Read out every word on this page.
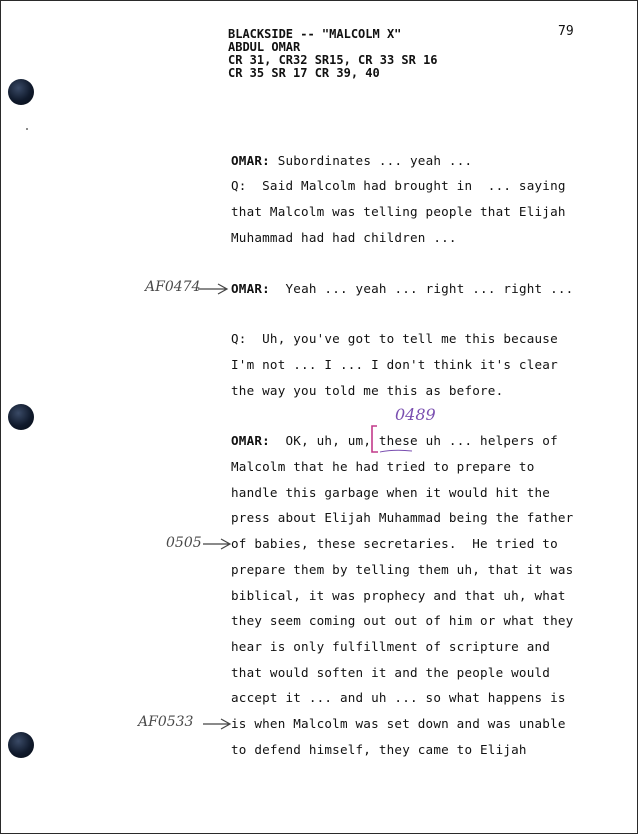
BLACKSIDE -- "MALCOLM X"
ABDUL OMAR
CR 31, CR32 SR15, CR 33 SR 16
CR 35 SR 17 CR 39, 40
79
OMAR: Subordinates ... yeah ...
Q:  Said Malcolm had brought in  ... saying
that Malcolm was telling people that Elijah
Muhammad had had children ...
OMAR: Yeah ... yeah ... right ... right ...
Q:  Uh, you've got to tell me this because
I'm not ... I ... I don't think it's clear
the way you told me this as before.
OMAR: OK, uh, um, these uh ... helpers of
Malcolm that he had tried to prepare to
handle this garbage when it would hit the
press about Elijah Muhammad being the father
of babies, these secretaries.  He tried to
prepare them by telling them uh, that it was
biblical, it was prophecy and that uh, what
they seem coming out out of him or what they
hear is only fulfillment of scripture and
that would soften it and the people would
accept it ... and uh ... so what happens is
is when Malcolm was set down and was unable
to defend himself, they came to Elijah
AF0474
0489
0505
AF0533
